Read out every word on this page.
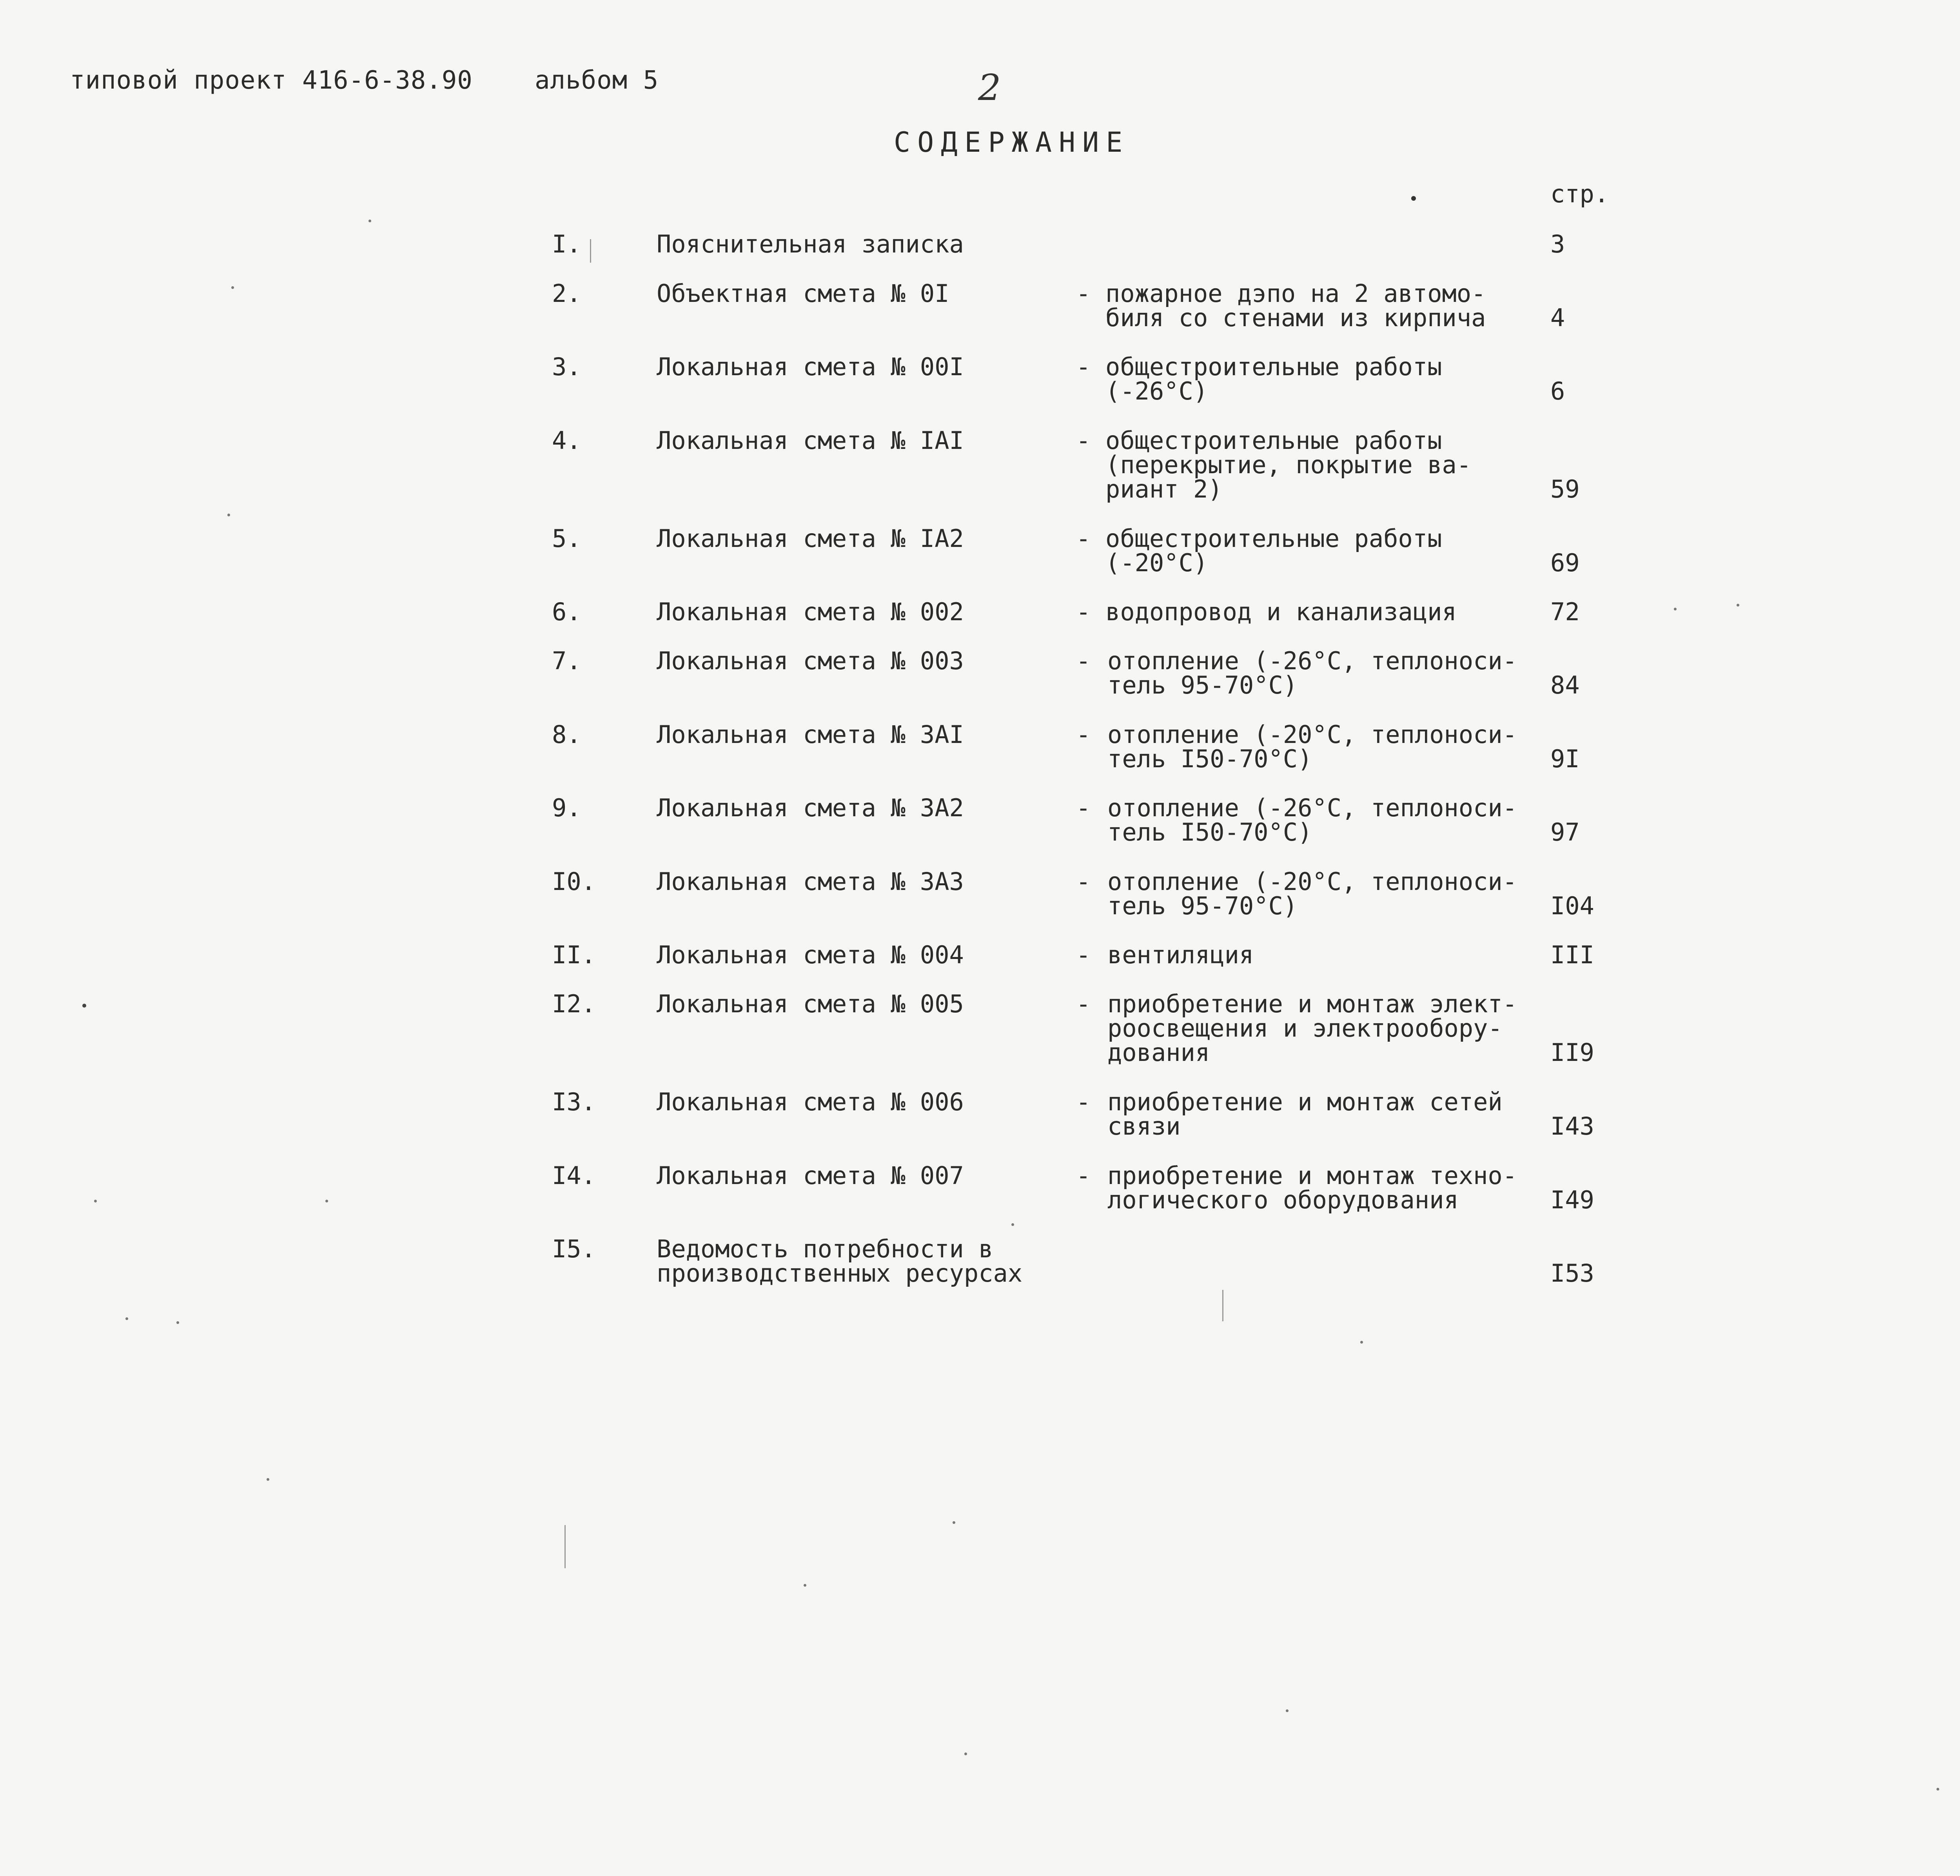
типовой проект 416-6-38.90 альбом 5	2
СОДЕРЖАНИЕ
стр.
I.	Пояснительная записка	3
2.	Объектная смета № 0I	- пожарное дэпо на 2 автомо-
биля со стенами из кирпича	4
3.	Локальная смета № 00I	- общестроительные работы
(-26°С)	6
4.	Локальная смета № IАI	- общестроительные работы
(перекрытие, покрытие ва-
риант 2)	59
5.	Локальная смета № IА2	- общестроительные работы
(-20°С)	69
6.	Локальная смета № 002	- водопровод и канализация	72
7.	Локальная смета № 003	- отопление (-26°С, теплоноси-
тель 95-70°С)	84
8.	Локальная смета № 3АI	- отопление (-20°С, теплоноси-
тель I50-70°С)	9I
9.	Локальная смета № 3А2	- отопление (-26°С, теплоноси-
тель I50-70°С)	97
I0.	Локальная смета № 3А3	- отопление (-20°С, теплоноси-
тель 95-70°С)	I04
II.	Локальная смета № 004	- вентиляция	III
I2.	Локальная смета № 005	- приобретение и монтаж элект-
роосвещения и электрообору-
дования	II9
I3.	Локальная смета № 006	- приобретение и монтаж сетей
связи	I43
I4.	Локальная смета № 007	- приобретение и монтаж техно-
логического оборудования	I49
I5.	Ведомость потребности в
производственных ресурсах	I53
